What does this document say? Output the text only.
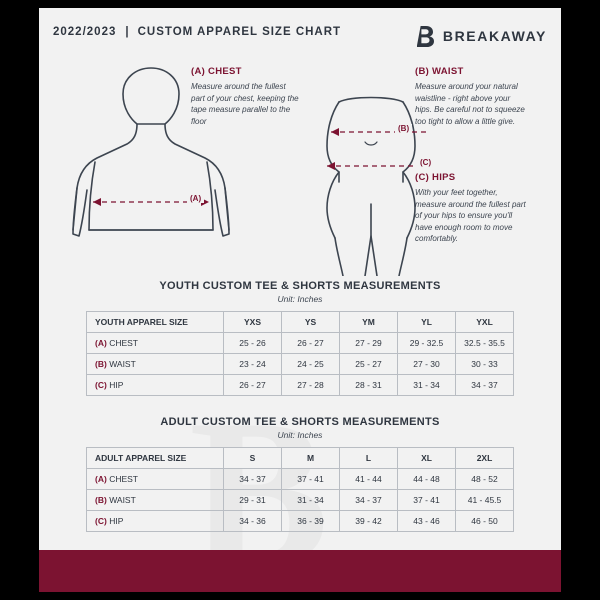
2022/2023 | CUSTOM APPAREL SIZE CHART	BREAKAWAY
(A)
(B)
(C)
(A) CHEST
Measure around the fullest part of your chest, keeping the tape measure parallel to the floor
(B) WAIST
Measure around your natural waistline - right above your hips. Be careful not to squeeze too tight to allow a little give.
(C) HIPS
With your feet together, measure around the fullest part of your hips to ensure you'll have enough room to move comfortably.
YOUTH CUSTOM TEE & SHORTS MEASUREMENTS
Unit: Inches
YOUTH APPAREL SIZE	YXS	YS	YM	YL	YXL
(A) CHEST	25 - 26	26 - 27	27 - 29	29 - 32.5	32.5 - 35.5
(B) WAIST	23 - 24	24 - 25	25 - 27	27 - 30	30 - 33
(C) HIP	26 - 27	27 - 28	28 - 31	31 - 34	34 - 37
ADULT CUSTOM TEE & SHORTS MEASUREMENTS
Unit: Inches
ADULT APPAREL SIZE	S	M	L	XL	2XL
(A) CHEST	34 - 37	37 - 41	41 - 44	44 - 48	48 - 52
(B) WAIST	29 - 31	31 - 34	34 - 37	37 - 41	41 - 45.5
(C) HIP	34 - 36	36 - 39	39 - 42	43 - 46	46 - 50
